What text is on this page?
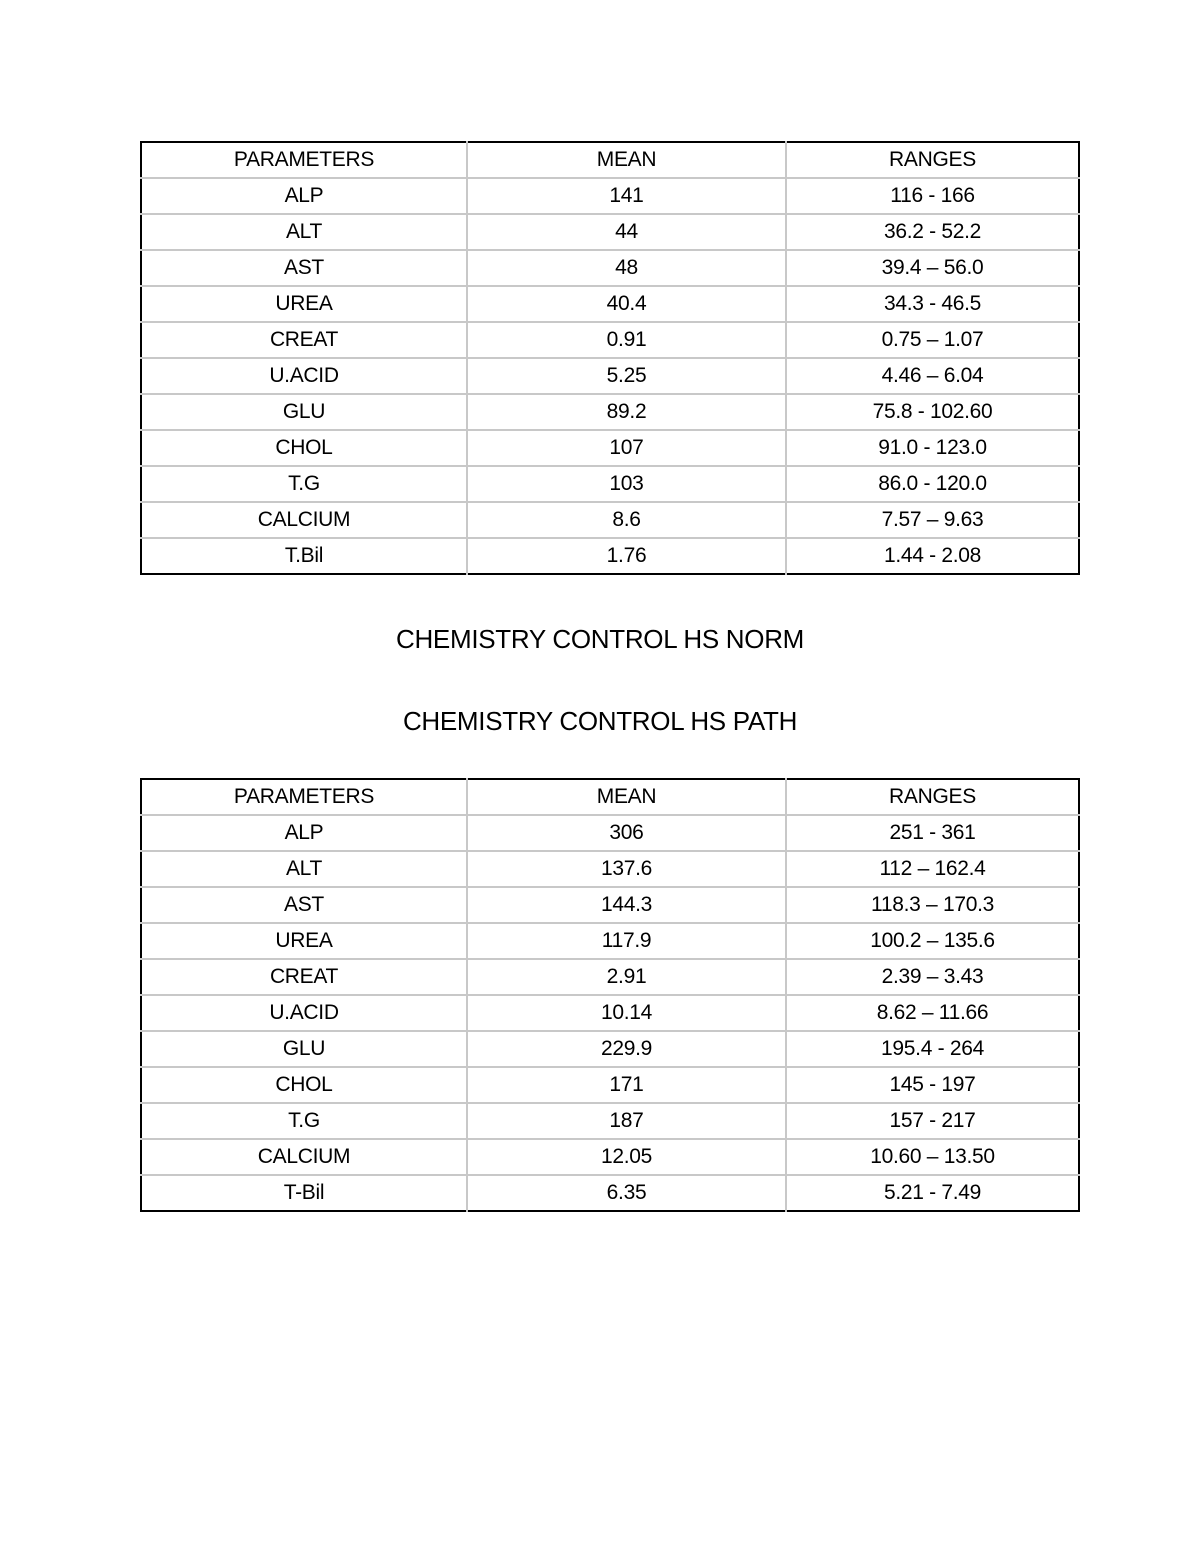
PARAMETERS	MEAN	RANGES
ALP	141	116 - 166
ALT	44	36.2 - 52.2
AST	48	39.4 – 56.0
UREA	40.4	34.3 - 46.5
CREAT	0.91	0.75 – 1.07
U.ACID	5.25	4.46 – 6.04
GLU	89.2	75.8 - 102.60
CHOL	107	91.0 - 123.0
T.G	103	86.0 - 120.0
CALCIUM	8.6	7.57 – 9.63
T.Bil	1.76	1.44 - 2.08
CHEMISTRY CONTROL HS NORM
CHEMISTRY CONTROL HS PATH
PARAMETERS	MEAN	RANGES
ALP	306	251 - 361
ALT	137.6	112 – 162.4
AST	144.3	118.3 – 170.3
UREA	117.9	100.2 – 135.6
CREAT	2.91	2.39 – 3.43
U.ACID	10.14	8.62 – 11.66
GLU	229.9	195.4 - 264
CHOL	171	145 - 197
T.G	187	157 - 217
CALCIUM	12.05	10.60 – 13.50
T-Bil	6.35	5.21 - 7.49
